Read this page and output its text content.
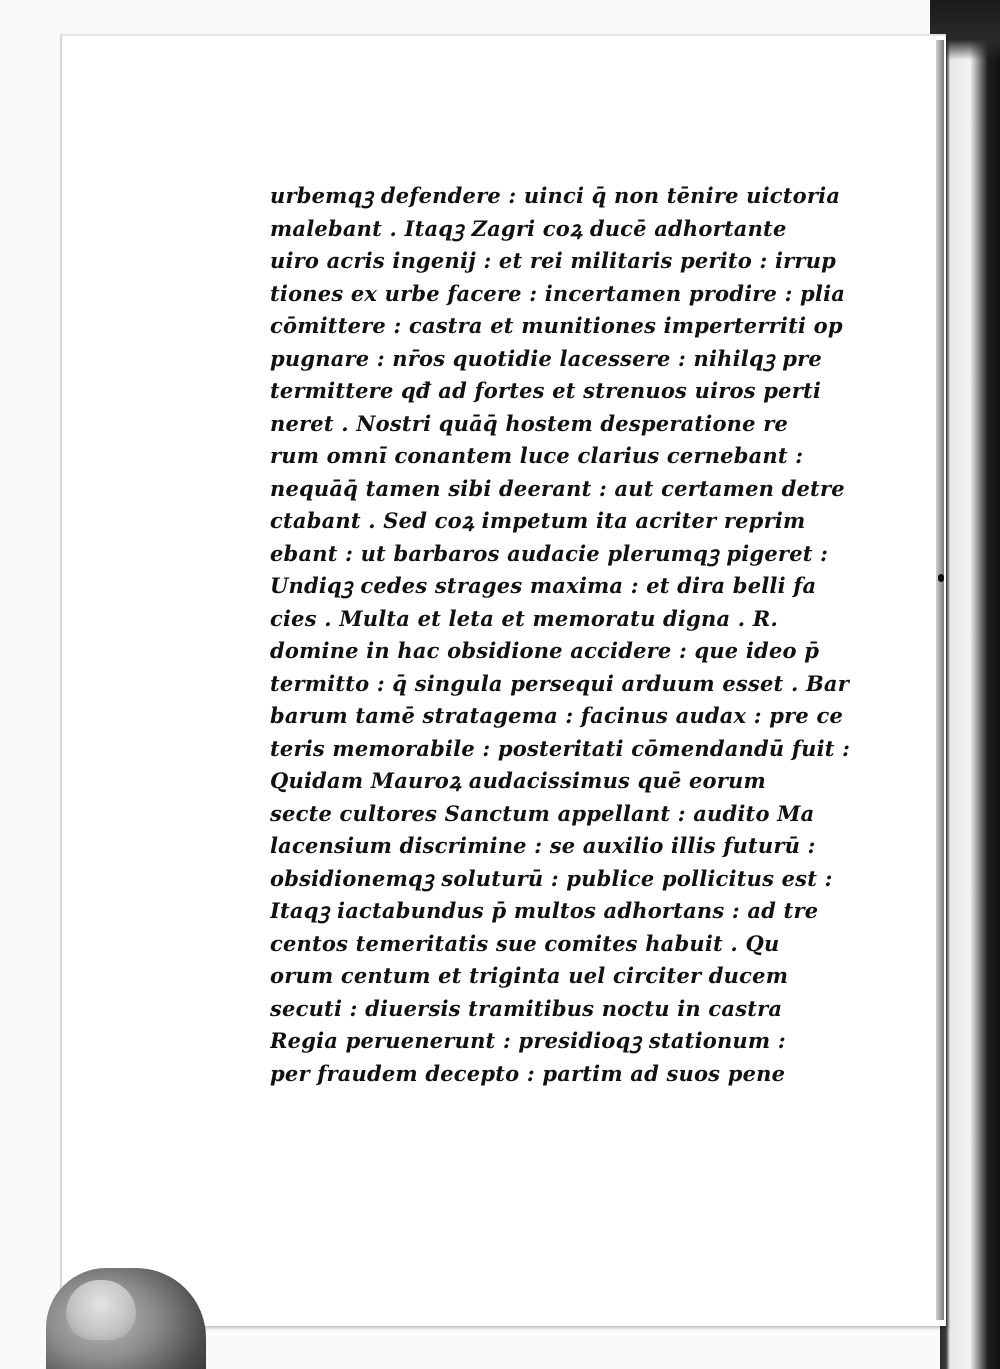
urbemqꝫ defendere : uinci q̄ non tēnire uictoria
malebant . Itaqꝫ Zagri coꝝ ducē adhortante
uiro acris ingenij : et rei militaris perito : irrup
tiones ex urbe facere : incertamen prodire : plia
cōmittere : castra et munitiones imperterriti op
pugnare : nr̄os quotidie lacessere : nihilqꝫ pre
termittere qđ ad fortes et strenuos uiros perti
neret . Nostri quāq̄ hostem desperatione re
rum omnī conantem luce clarius cernebant :
nequāq̄ tamen sibi deerant : aut certamen detre
ctabant . Sed coꝝ impetum ita acriter reprim
ebant : ut barbaros audacie plerumqꝫ pigeret :
Undiqꝫ cedes strages maxima : et dira belli fa
cies . Multa et leta et memoratu digna . R.
domine in hac obsidione accidere : que ideo p̄
termitto : q̄ singula persequi arduum esset . Bar
barum tamē stratagema : facinus audax : pre ce
teris memorabile : posteritati cōmendandū fuit :
Quidam Mauroꝝ audacissimus quē eorum
secte cultores Sanctum appellant : audito Ma
lacensium discrimine : se auxilio illis futurū :
obsidionemqꝫ soluturū : publice pollicitus est :
Itaqꝫ iactabundus p̄ multos adhortans : ad tre
centos temeritatis sue comites habuit . Qu
orum centum et triginta uel circiter ducem
secuti : diuersis tramitibus noctu in castra
Regia peruenerunt : presidioqꝫ stationum :
per fraudem decepto : partim ad suos pene
